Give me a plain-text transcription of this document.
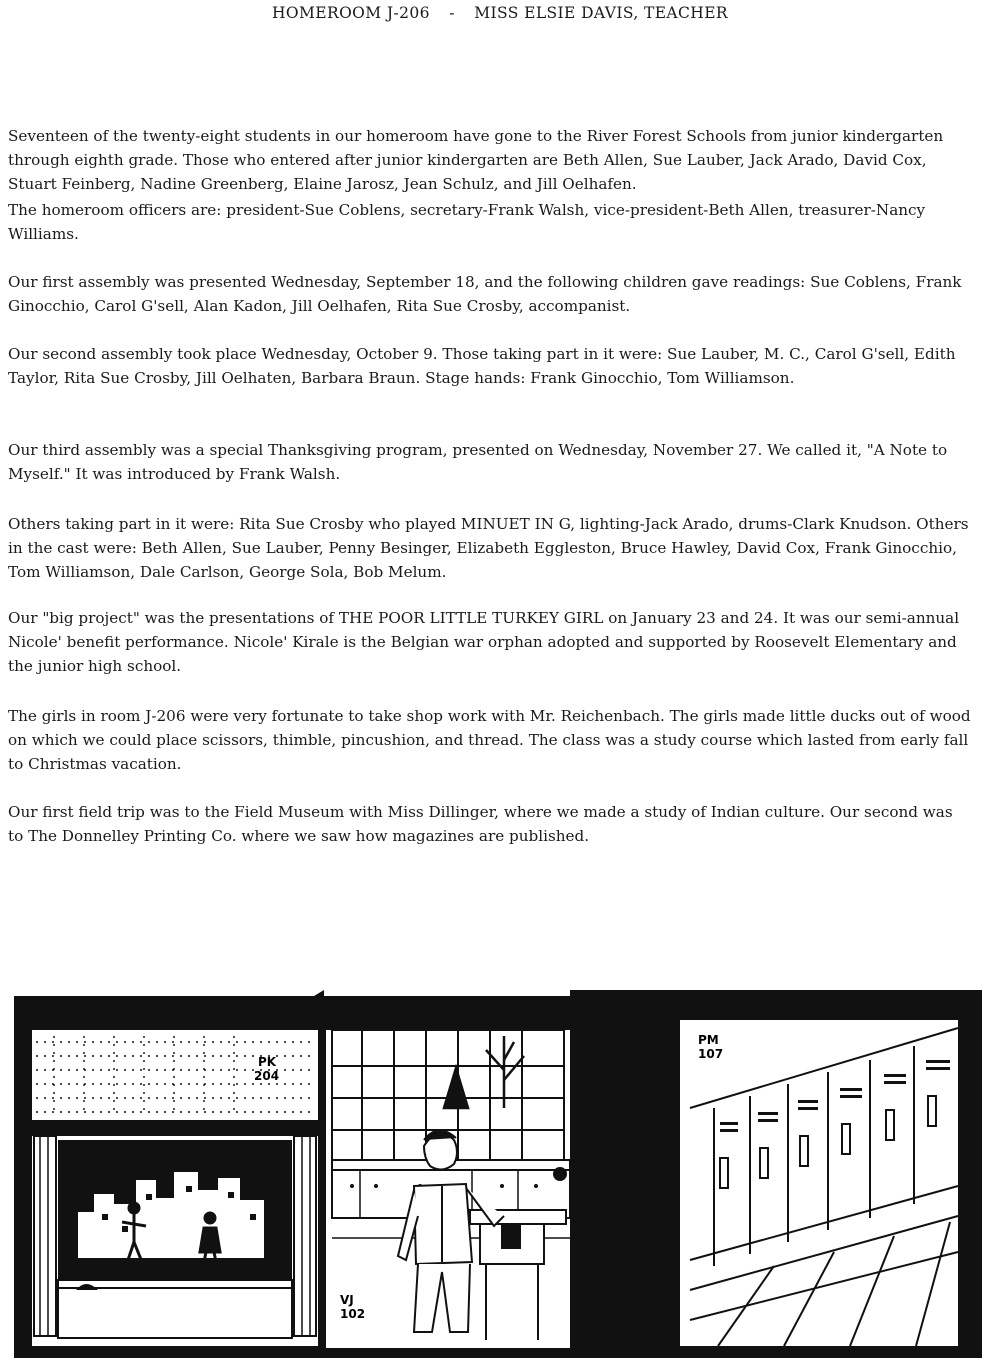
HOMEROOM J-206 - MISS ELSIE DAVIS, TEACHER

Seventeen of the twenty-eight students in our homeroom have gone to the River Forest Schools from junior kindergarten through eighth grade. Those who entered after junior kindergarten are Beth Allen, Sue Lauber, Jack Arado, David Cox, Stuart Feinberg, Nadine Greenberg, Elaine Jarosz, Jean Schulz, and Jill Oelhafen.

The homeroom officers are: president-Sue Coblens, secretary-Frank Walsh, vice-president-Beth Allen, treasurer-Nancy Williams.

Our first assembly was presented Wednesday, September 18, and the following children gave readings: Sue Coblens, Frank Ginocchio, Carol G'sell, Alan Kadon, Jill Oelhafen, Rita Sue Crosby, accompanist.

Our second assembly took place Wednesday, October 9. Those taking part in it were: Sue Lauber, M. C., Carol G'sell, Edith Taylor, Rita Sue Crosby, Jill Oelhaten, Barbara Braun. Stage hands: Frank Ginocchio, Tom Williamson.

Our third assembly was a special Thanksgiving program, presented on Wednesday, November 27. We called it, "A Note to Myself." It was introduced by Frank Walsh.

Others taking part in it were: Rita Sue Crosby who played MINUET IN G, lighting-Jack Arado, drums-Clark Knudson. Others in the cast were: Beth Allen, Sue Lauber, Penny Besinger, Elizabeth Eggleston, Bruce Hawley, David Cox, Frank Ginocchio, Tom Williamson, Dale Carlson, George Sola, Bob Melum.

Our "big project" was the presentations of THE POOR LITTLE TURKEY GIRL on January 23 and 24. It was our semi-annual Nicole' benefit performance. Nicole' Kirale is the Belgian war orphan adopted and supported by Roosevelt Elementary and the junior high school.

The girls in room J-206 were very fortunate to take shop work with Mr. Reichenbach. The girls made little ducks out of wood on which we could place scissors, thimble, pincushion, and thread. The class was a study course which lasted from early fall to Christmas vacation.

Our first field trip was to the Field Museum with Miss Dillinger, where we made a study of Indian culture. Our second was to The Donnelley Printing Co. where we saw how magazines are published.

PK
204
VJ
102
PM
107
